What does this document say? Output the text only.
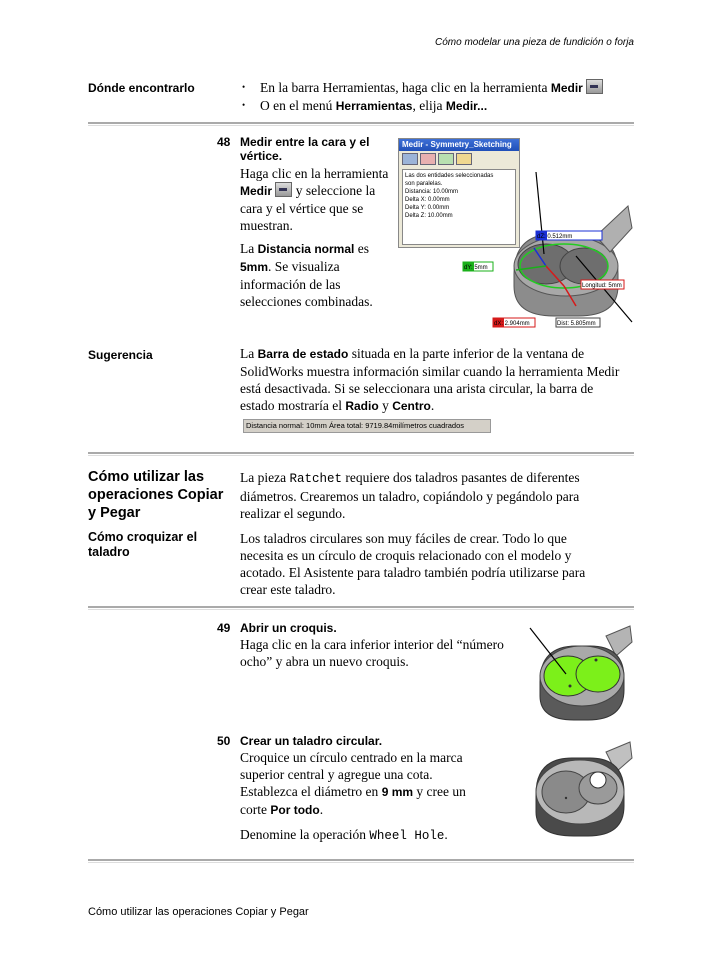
Cómo modelar una pieza de fundición o forja
Dónde encontrarlo
•	En la barra Herramientas, haga clic en la herramienta Medir
• O en el menú Herramientas, elija Medir...
48 Medir entre la cara y el vértice.
Haga clic en la herramienta Medir  y seleccione la cara y el vértice que se muestran.
La Distancia normal es 5mm. Se visualiza información de las selecciones combinadas.
dZ: 0.512mm
dY: 5mm
Longitud: 5mm
dX: 2.904mm	Dist: 5.805mm
Medir - Symmetry_Sketching

Las dos entidades seleccionadas
son paralelas.
Distancia: 10.00mm
Delta X: 0.00mm
Delta Y: 0.00mm
Delta Z: 10.00mm
Sugerencia	La Barra de estado situada en la parte inferior de la ventana de SolidWorks muestra información similar cuando la herramienta Medir está desactivada. Si se seleccionara una arista circular, la barra de estado mostraría el Radio y Centro.
Distancia normal: 10mm Área total: 9719.84milímetros cuadrados
Cómo utilizar las operaciones Copiar y Pegar
La pieza Ratchet requiere dos taladros pasantes de diferentes diámetros. Crearemos un taladro, copiándolo y pegándolo para realizar el segundo.
Cómo croquizar el taladro
Los taladros circulares son muy fáciles de crear. Todo lo que necesita es un círculo de croquis relacionado con el modelo y acotado. El Asistente para taladro también podría utilizarse para crear este taladro.
49 Abrir un croquis.
Haga clic en la cara inferior interior del “número ocho” y abra un nuevo croquis.
50 Crear un taladro circular.
Croquice un círculo centrado en la marca superior central y agregue una cota. Establezca el diámetro en 9 mm y cree un corte Por todo.
Denomine la operación Wheel Hole.
Cómo utilizar las operaciones Copiar y Pegar
